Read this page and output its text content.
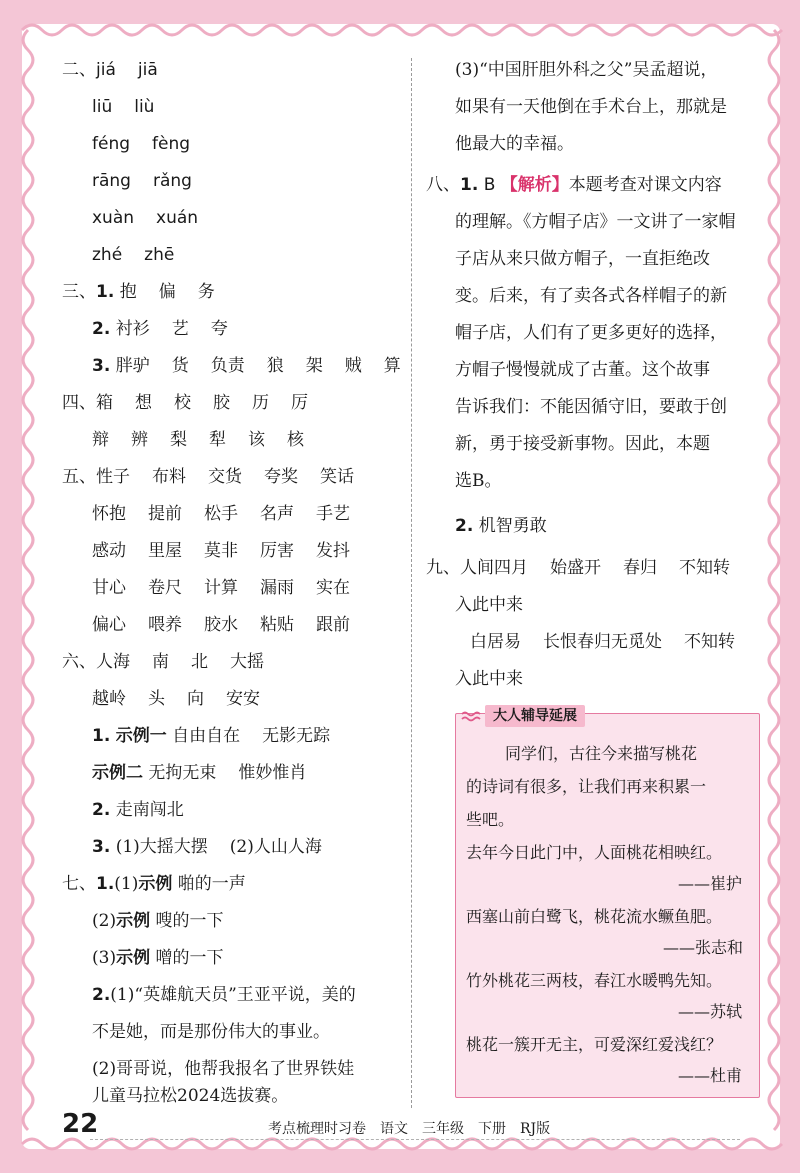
二、jiá jiā
liū liù
féng fèng
rāng rǎng
xuàn xuán
zhé zhē
三、1. 抱 偏 务
2. 衬衫 艺 夸
3. 胖驴 货 负责 狼 架 贼 算
四、箱 想 校 胶 历 厉
辩 辨 梨 犁 该 核
五、性子 布料 交货 夸奖 笑话
怀抱 提前 松手 名声 手艺
感动 里屋 莫非 厉害 发抖
甘心 卷尺 计算 漏雨 实在
偏心 喂养 胶水 粘贴 跟前
六、人海 南 北 大摇
越岭 头 向 安安
1. 示例一 自由自在 无影无踪
示例二 无拘无束 惟妙惟肖
2. 走南闯北
3. (1)大摇大摆 (2)人山人海
七、1.(1)示例 啪的一声
(2)示例 嗖的一下
(3)示例 噌的一下
2.(1)“英雄航天员”王亚平说，美的
不是她，而是那份伟大的事业。
(2)哥哥说，他帮我报名了世界铁娃
儿童马拉松2024选拔赛。
(3)“中国肝胆外科之父”吴孟超说，
如果有一天他倒在手术台上，那就是
他最大的幸福。
八、1. B 【解析】本题考查对课文内容
的理解。《方帽子店》一文讲了一家帽
子店从来只做方帽子，一直拒绝改
变。后来，有了卖各式各样帽子的新
帽子店，人们有了更多更好的选择，
方帽子慢慢就成了古董。这个故事
告诉我们：不能因循守旧，要敢于创
新，勇于接受新事物。因此，本题
选B。
2. 机智勇敢
九、人间四月 始盛开 春归 不知转
入此中来
白居易 长恨春归无觅处 不知转
入此中来
大人辅导延展
同学们，古往今来描写桃花
的诗词有很多，让我们再来积累一
些吧。
去年今日此门中，人面桃花相映红。
——崔护
西塞山前白鹭飞，桃花流水鳜鱼肥。
——张志和
竹外桃花三两枝，春江水暖鸭先知。
——苏轼
桃花一簇开无主，可爱深红爱浅红？
——杜甫
22	考点梳理时习卷 语文 三年级 下册 RJ版
